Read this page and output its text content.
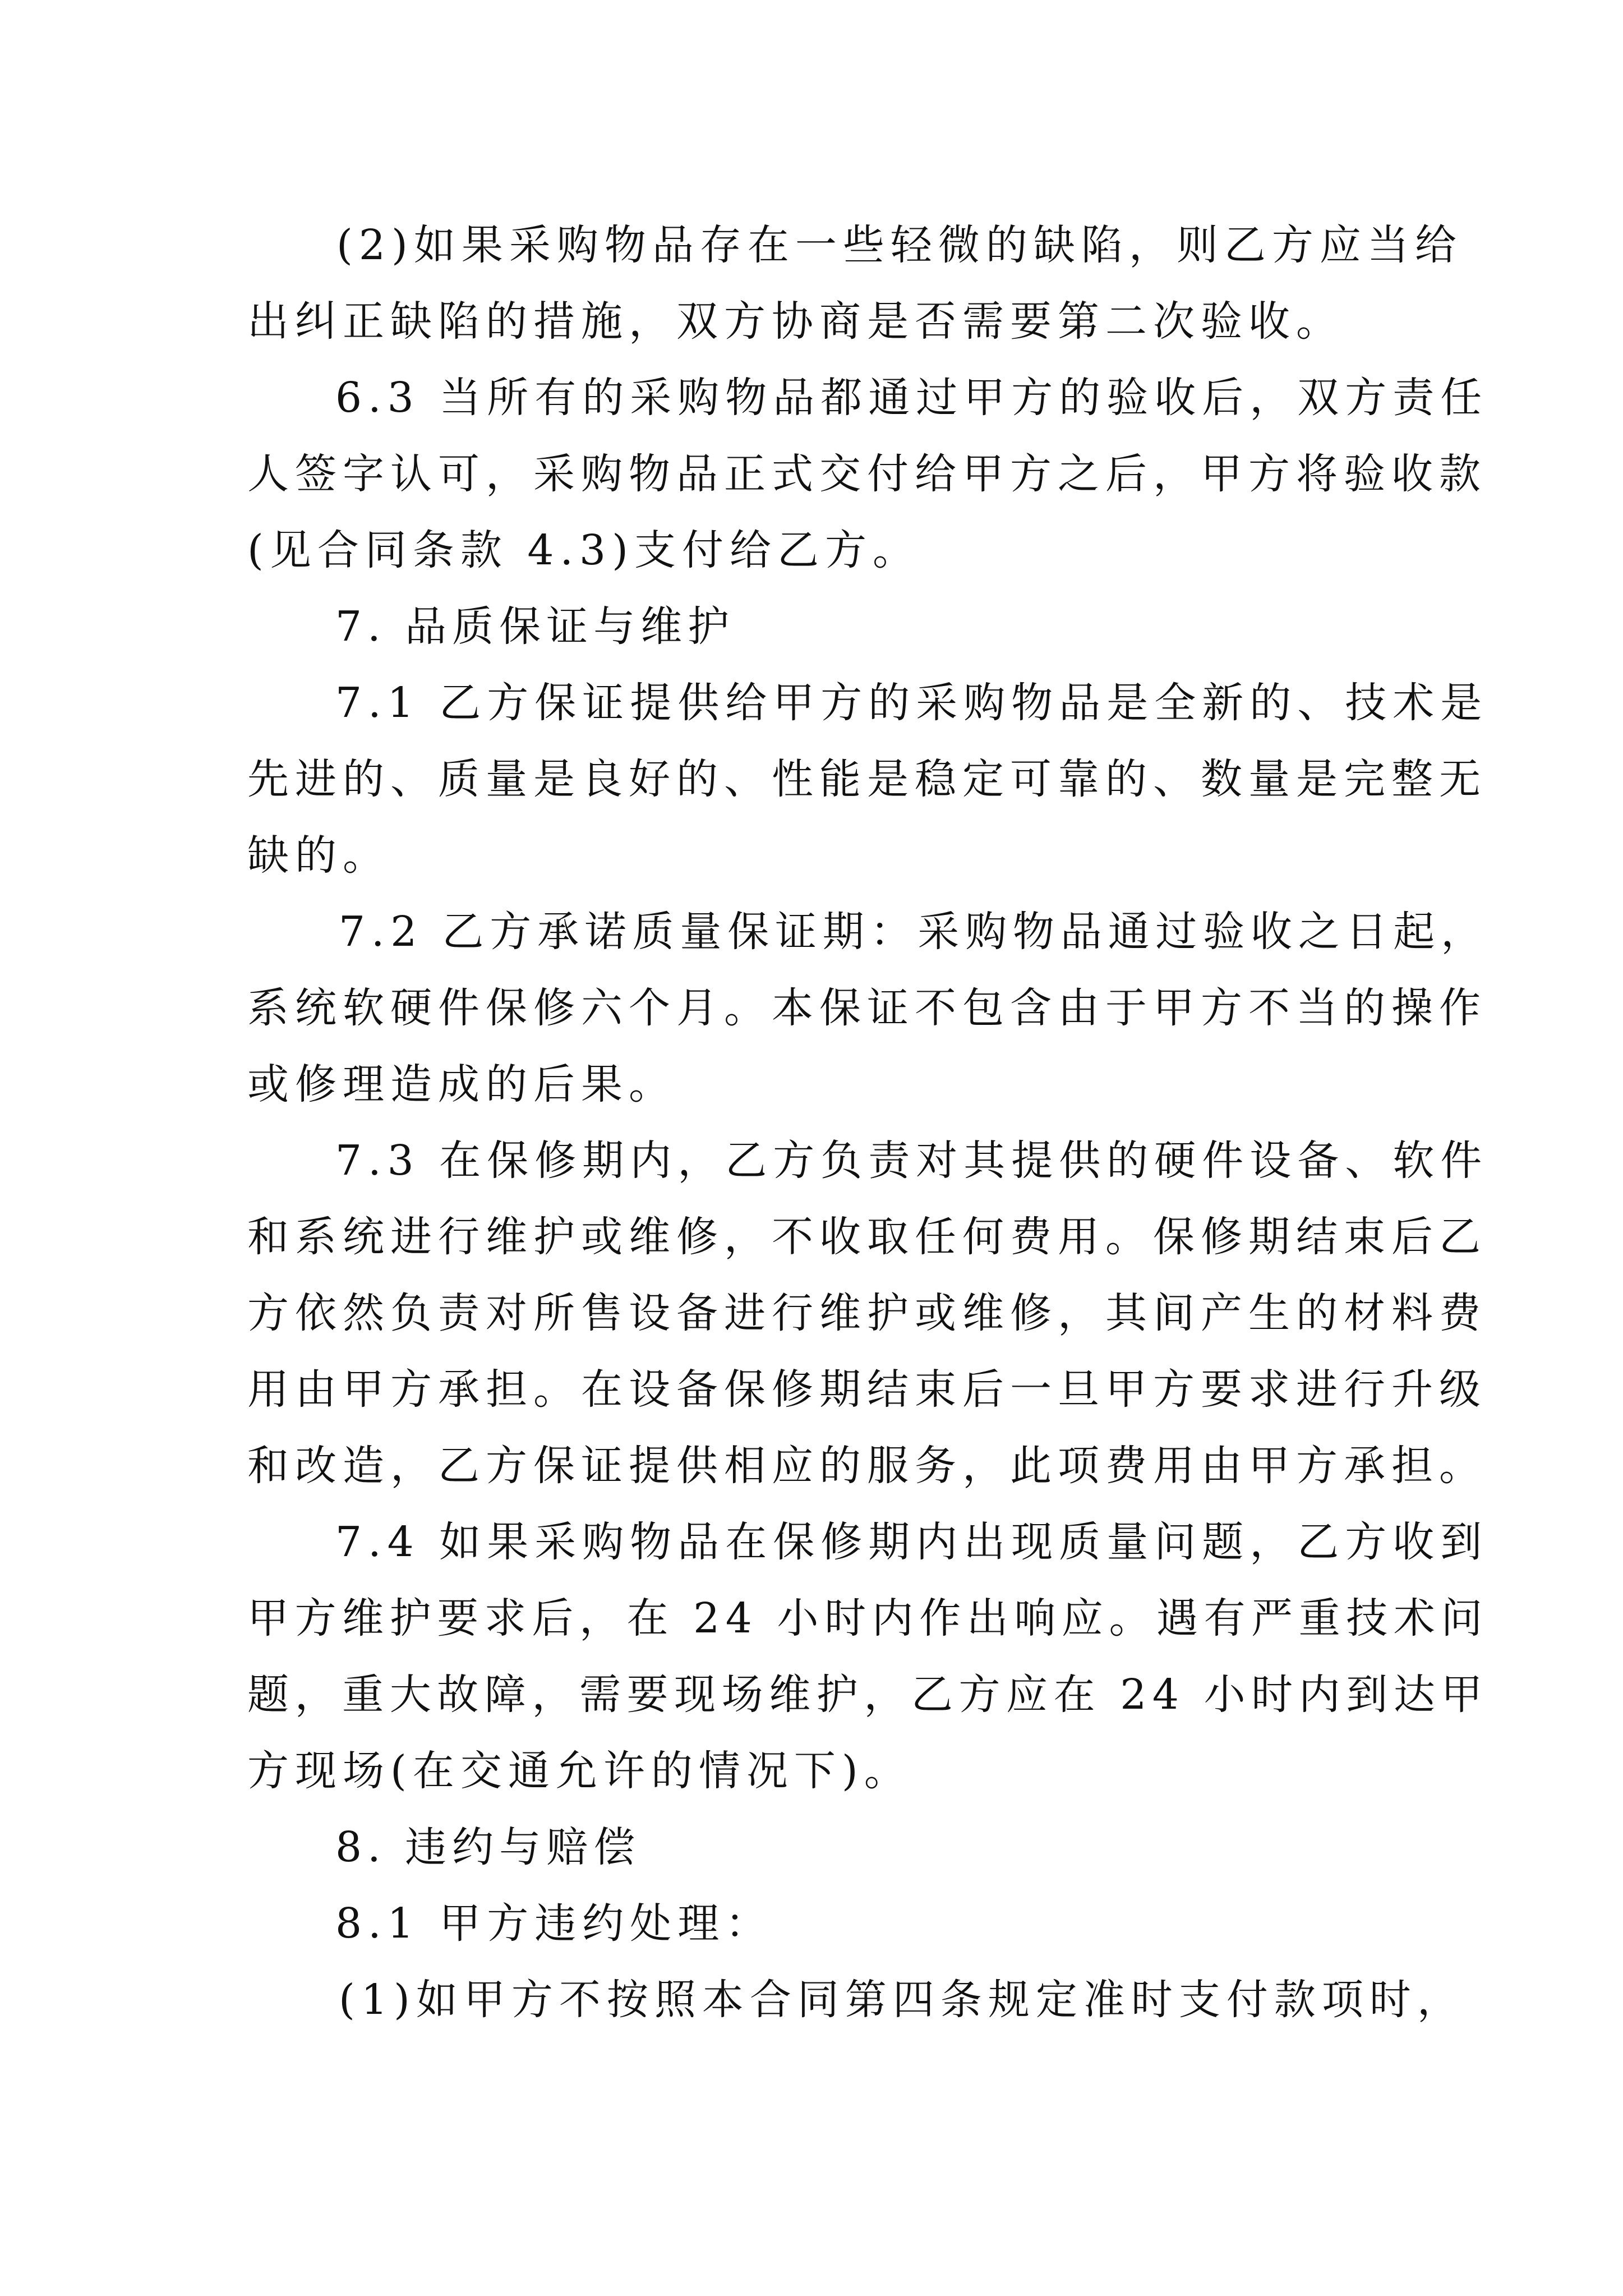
(2)如果采购物品存在一些轻微的缺陷，则乙方应当给
出纠正缺陷的措施，双方协商是否需要第二次验收。
6.3 当所有的采购物品都通过甲方的验收后，双方责任
人签字认可，采购物品正式交付给甲方之后，甲方将验收款
(见合同条款 4.3)支付给乙方。
7. 品质保证与维护
7.1 乙方保证提供给甲方的采购物品是全新的、技术是
先进的、质量是良好的、性能是稳定可靠的、数量是完整无
缺的。
7.2 乙方承诺质量保证期：采购物品通过验收之日起，
系统软硬件保修六个月。本保证不包含由于甲方不当的操作
或修理造成的后果。
7.3 在保修期内，乙方负责对其提供的硬件设备、软件
和系统进行维护或维修，不收取任何费用。保修期结束后乙
方依然负责对所售设备进行维护或维修，其间产生的材料费
用由甲方承担。在设备保修期结束后一旦甲方要求进行升级
和改造，乙方保证提供相应的服务，此项费用由甲方承担。
7.4 如果采购物品在保修期内出现质量问题，乙方收到
甲方维护要求后，在 24 小时内作出响应。遇有严重技术问
题，重大故障，需要现场维护，乙方应在 24 小时内到达甲
方现场(在交通允许的情况下)。
8. 违约与赔偿
8.1 甲方违约处理：
(1)如甲方不按照本合同第四条规定准时支付款项时，
